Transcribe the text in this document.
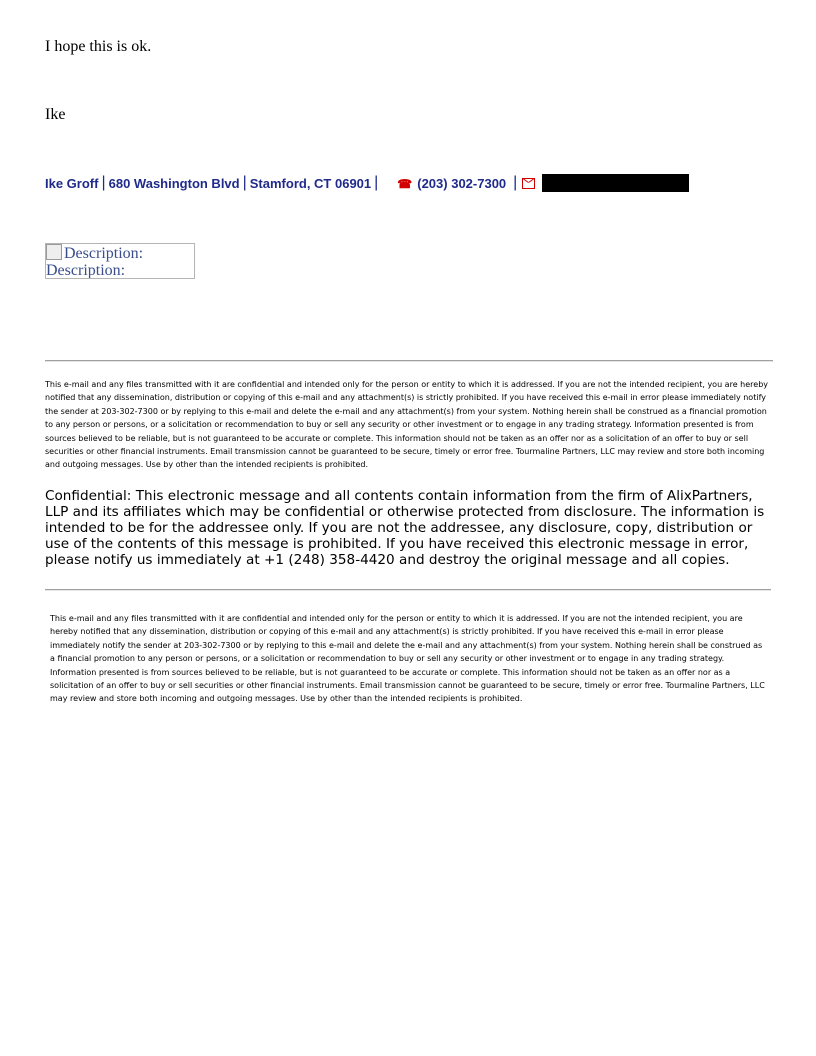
I hope this is ok.
Ike
Ike Groff | 680 Washington Blvd | Stamford, CT 06901 | ☎ (203) 302-7300 |
Description:
Description:
This e-mail and any files transmitted with it are confidential and intended only for the person or entity to which it is addressed. If you are not the intended recipient, you are hereby notified that any dissemination, distribution or copying of this e-mail and any attachment(s) is strictly prohibited. If you have received this e-mail in error please immediately notify the sender at 203-302-7300 or by replying to this e-mail and delete the e-mail and any attachment(s) from your system. Nothing herein shall be construed as a financial promotion to any person or persons, or a solicitation or recommendation to buy or sell any security or other investment or to engage in any trading strategy. Information presented is from sources believed to be reliable, but is not guaranteed to be accurate or complete. This information should not be taken as an offer nor as a solicitation of an offer to buy or sell securities or other financial instruments. Email transmission cannot be guaranteed to be secure, timely or error free. Tourmaline Partners, LLC may review and store both incoming and outgoing messages. Use by other than the intended recipients is prohibited.
Confidential: This electronic message and all contents contain information from the firm of AlixPartners, LLP and its affiliates which may be confidential or otherwise protected from disclosure. The information is intended to be for the addressee only. If you are not the addressee, any disclosure, copy, distribution or use of the contents of this message is prohibited. If you have received this electronic message in error, please notify us immediately at +1 (248) 358-4420 and destroy the original message and all copies.
This e-mail and any files transmitted with it are confidential and intended only for the person or entity to which it is addressed. If you are not the intended recipient, you are hereby notified that any dissemination, distribution or copying of this e-mail and any attachment(s) is strictly prohibited. If you have received this e-mail in error please immediately notify the sender at 203-302-7300 or by replying to this e-mail and delete the e-mail and any attachment(s) from your system. Nothing herein shall be construed as a financial promotion to any person or persons, or a solicitation or recommendation to buy or sell any security or other investment or to engage in any trading strategy. Information presented is from sources believed to be reliable, but is not guaranteed to be accurate or complete. This information should not be taken as an offer nor as a solicitation of an offer to buy or sell securities or other financial instruments. Email transmission cannot be guaranteed to be secure, timely or error free. Tourmaline Partners, LLC may review and store both incoming and outgoing messages. Use by other than the intended recipients is prohibited.
